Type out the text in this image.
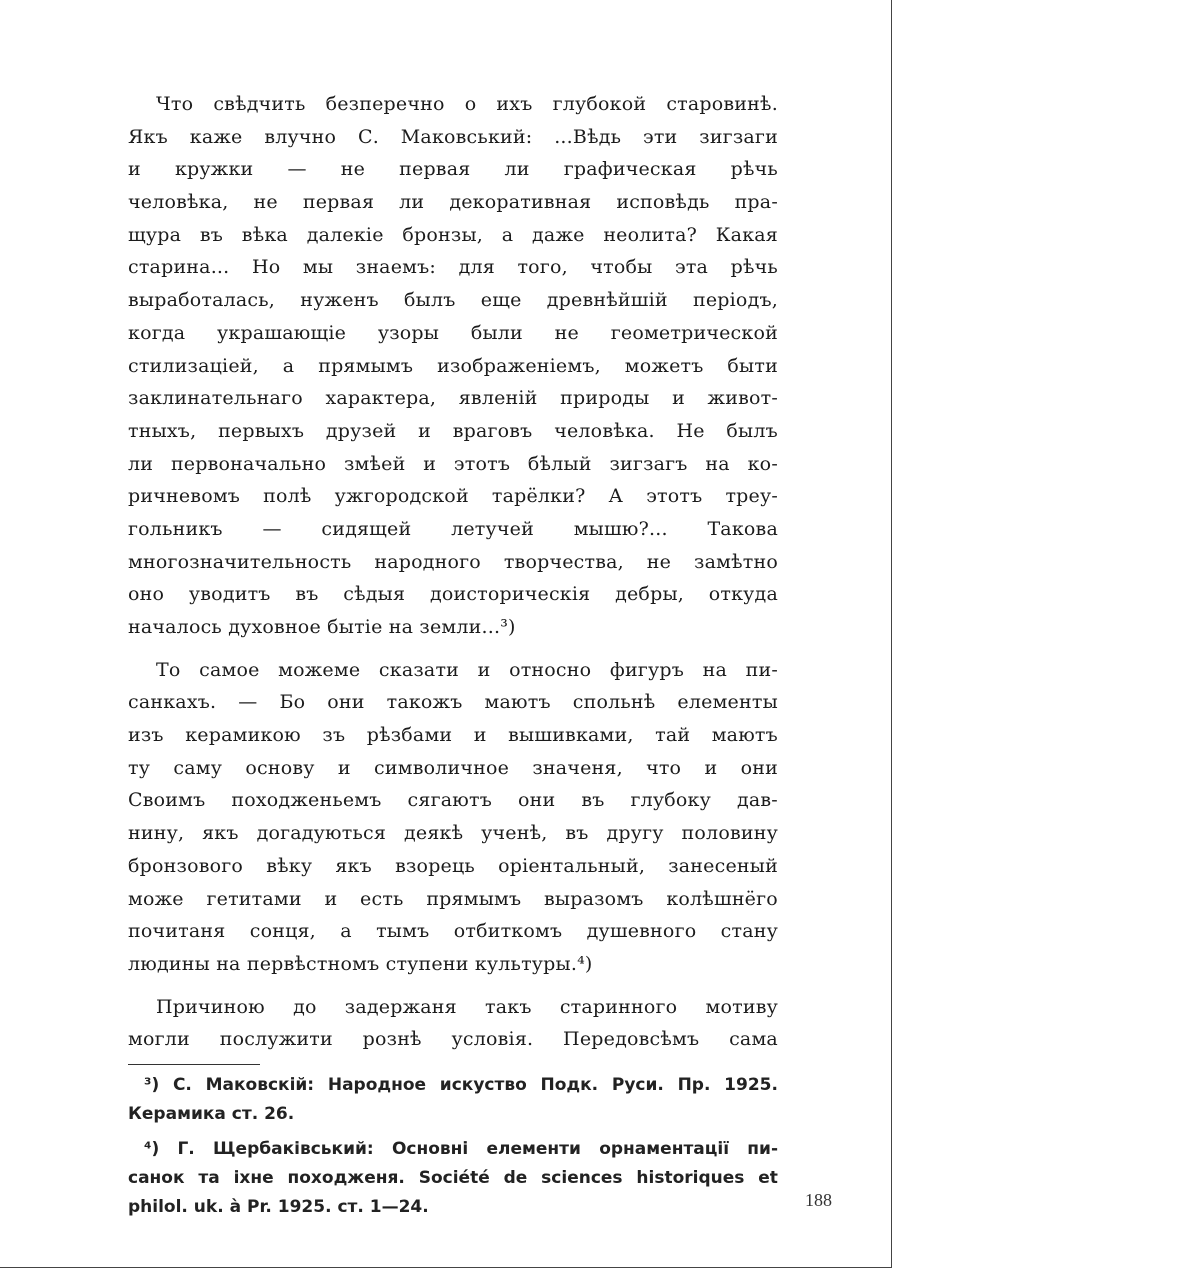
Что свѣдчить безперечно о ихъ глубокой старовинѣ.
Якъ каже влучно С. Маковський: ...Вѣдь эти зигзаги
и кружки — не первая ли графическая рѣчь
человѣка, не первая ли декоративная исповѣдь пра-
щура въ вѣка далекіе бронзы, а даже неолита? Какая
старина... Но мы знаемъ: для того, чтобы эта рѣчь
выработалась, нуженъ былъ еще древнѣйшій періодъ,
когда украшающіе узоры были не геометрической
стилизаціей, а прямымъ изображеніемъ, можетъ быти
заклинательнаго характера, явленій природы и живот-
тныхъ, первыхъ друзей и враговъ человѣка. Не былъ
ли первоначально змѣей и этотъ бѣлый зигзагъ на ко-
ричневомъ полѣ ужгородской тарёлки? А этотъ треу-
гольникъ — сидящей летучей мышю?... Такова
многозначительность народного творчества, не замѣтно
оно уводитъ въ сѣдыя доисторическія дебры, откуда
началось духовное бытіе на земли...³)
То самое можеме сказати и относно фигуръ на пи-
санкахъ. — Бо они такожъ маютъ спольнѣ елементы
изъ керамикою зъ рѣзбами и вышивками, тай маютъ
ту саму основу и символичное значеня, что и они
Своимъ походженьемъ сягаютъ они въ глубоку дав-
нину, якъ догадуються деякѣ ученѣ, въ другу половину
бронзового вѣку якъ взорець оріентальный, занесеный
може гетитами и есть прямымъ выразомъ колѣшнёго
почитаня сонця, а тымъ отбиткомъ душевного стану
людины на первѣстномъ ступени культуры.⁴)
Причиною до задержаня такъ старинного мотиву
могли послужити рознѣ условія. Передовсѣмъ сама
³) С. Маковскій: Народное искуство Подк. Руси. Пр. 1925.
Керамика ст. 26.
⁴) Г. Щербаківський: Основні елементи орнаментації пи-
санок та іхне походженя. Société de sciences historiques et
philol. uk. à Pr. 1925. ст. 1—24.	188
